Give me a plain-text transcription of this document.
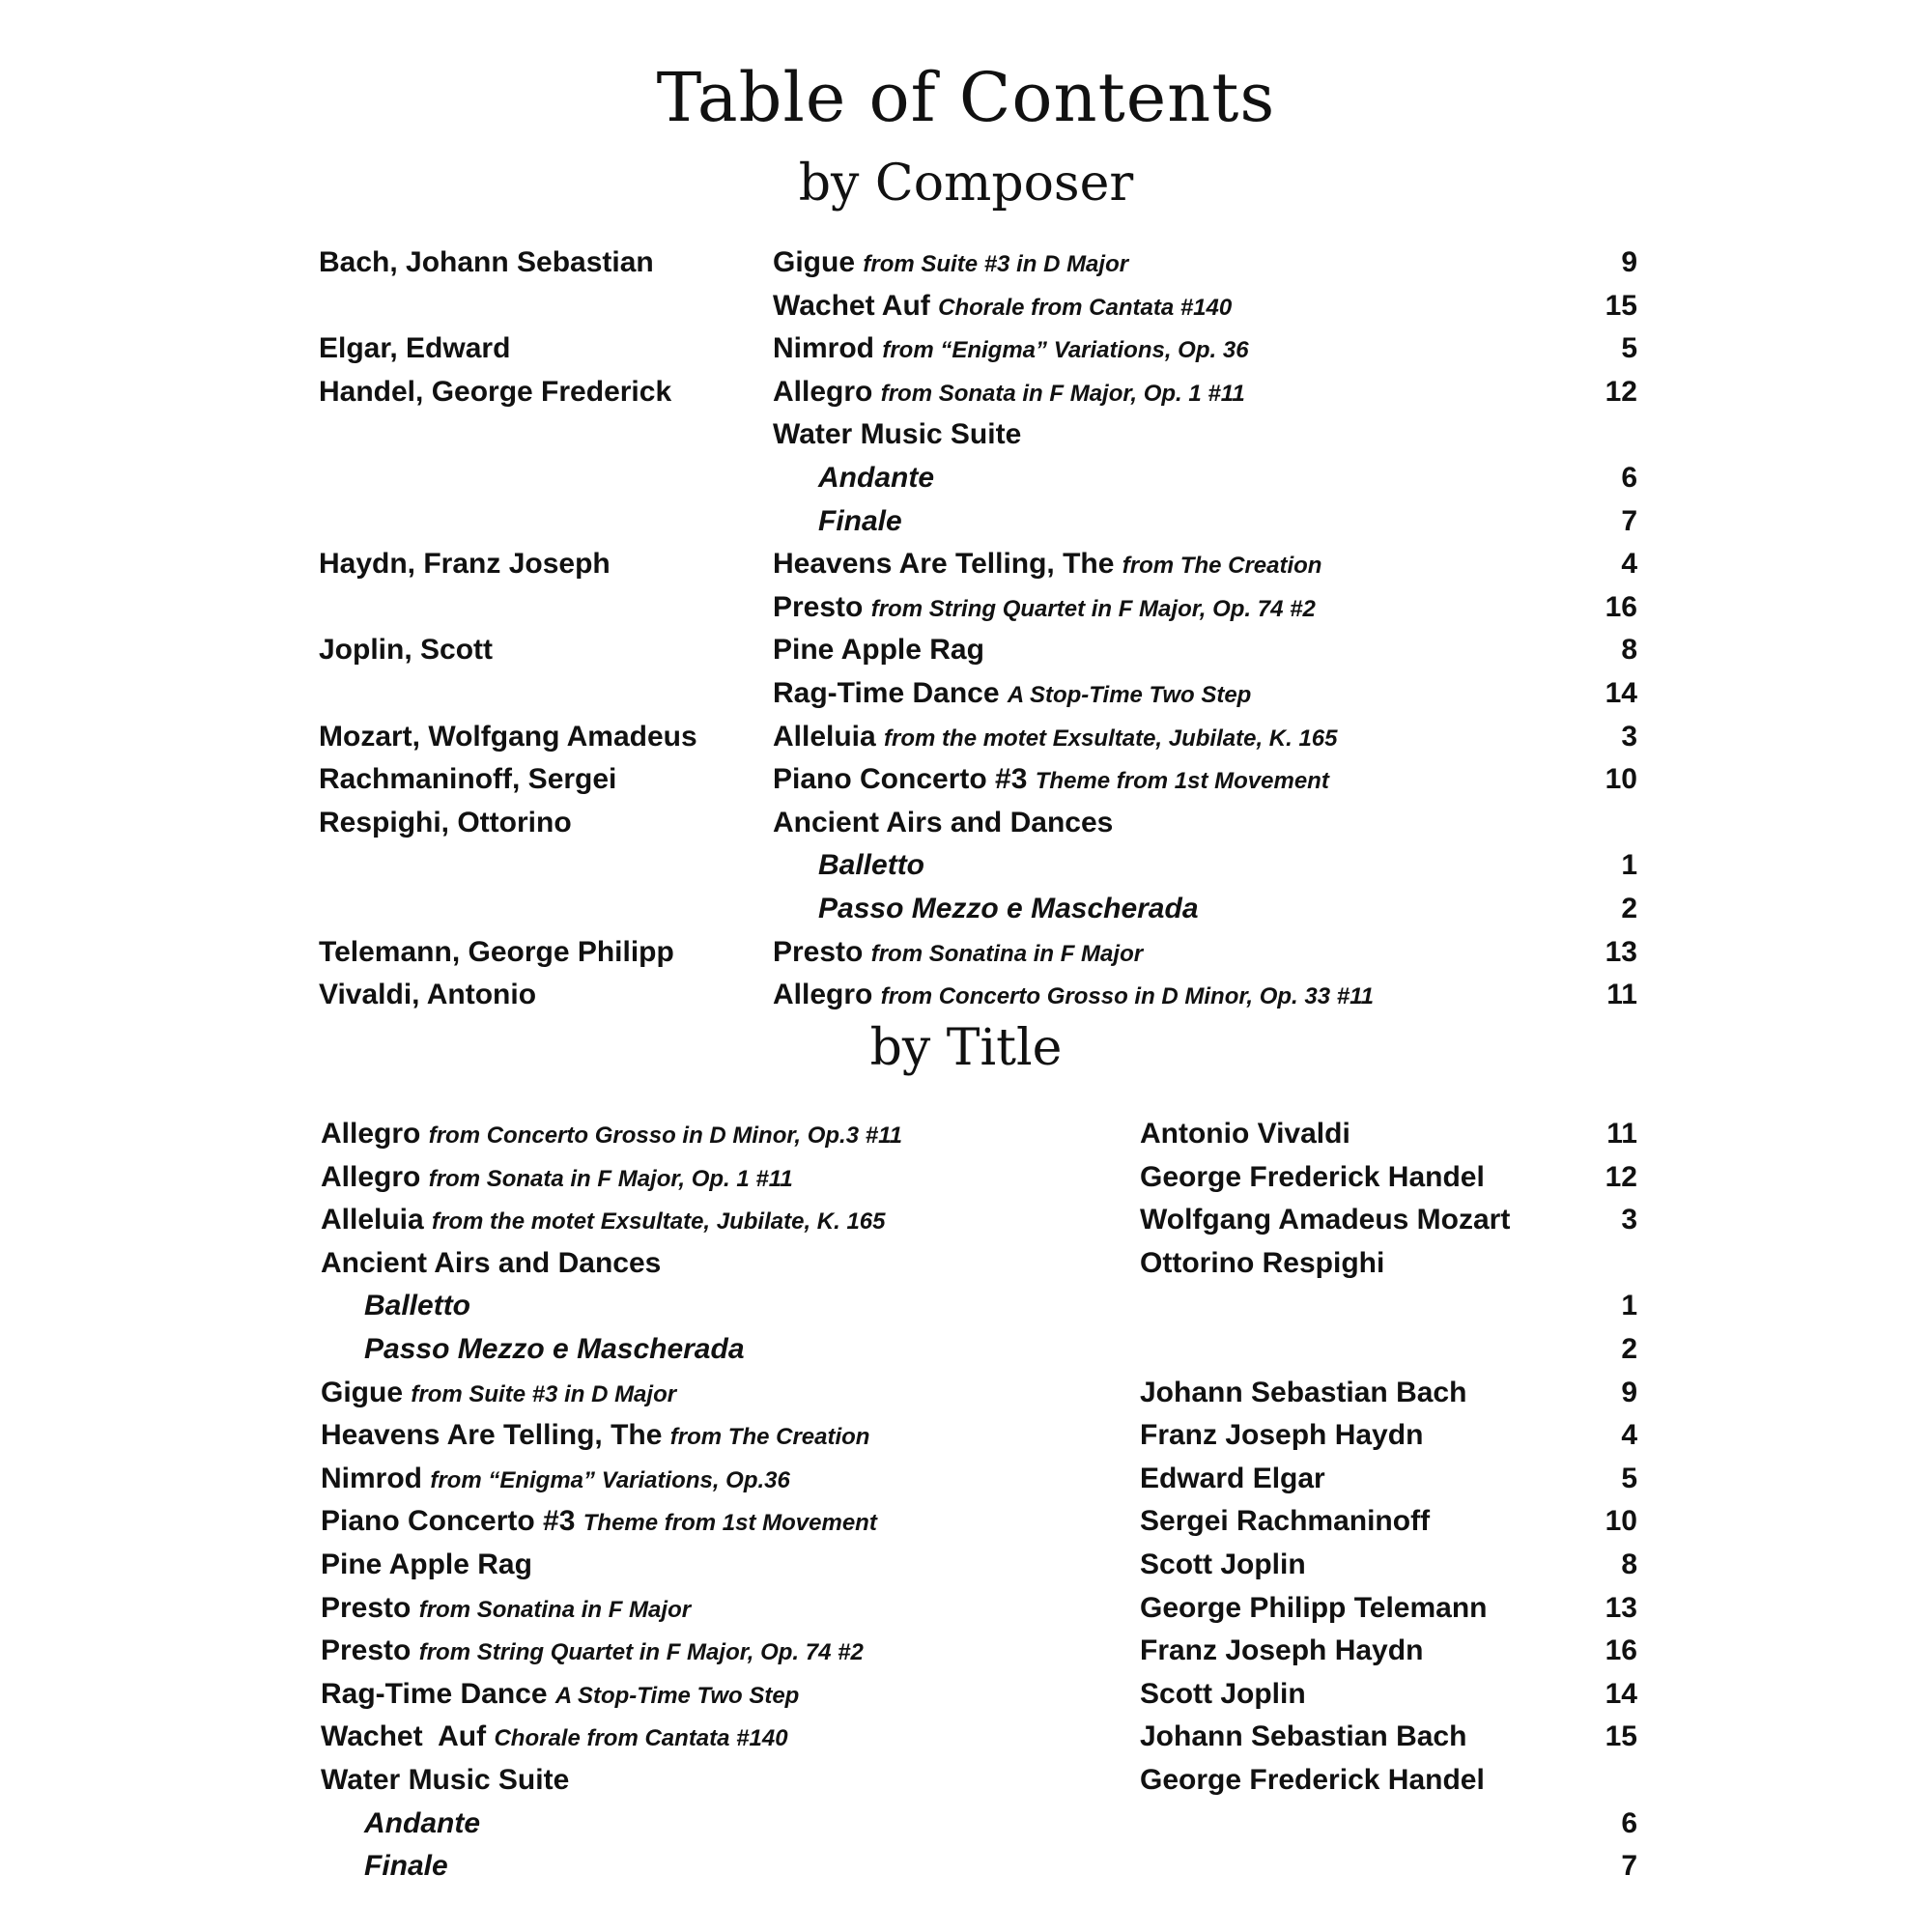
Table of Contents
by Composer
Bach, Johann Sebastian	Gigue from Suite #3 in D Major	9
Wachet Auf Chorale from Cantata #140	15
Elgar, Edward	Nimrod from “Enigma” Variations, Op. 36	5
Handel, George Frederick	Allegro from Sonata in F Major, Op. 1 #11	12
Water Music Suite
Andante	6
Finale	7
Haydn, Franz Joseph	Heavens Are Telling, The from The Creation	4
Presto from String Quartet in F Major, Op. 74 #2	16
Joplin, Scott	Pine Apple Rag	8
Rag-Time Dance A Stop-Time Two Step	14
Mozart, Wolfgang Amadeus	Alleluia from the motet Exsultate, Jubilate, K. 165	3
Rachmaninoff, Sergei	Piano Concerto #3 Theme from 1st Movement	10
Respighi, Ottorino	Ancient Airs and Dances
Balletto	1
Passo Mezzo e Mascherada	2
Telemann, George Philipp	Presto from Sonatina in F Major	13
Vivaldi, Antonio	Allegro from Concerto Grosso in D Minor, Op. 33 #11	11
by Title
Allegro from Concerto Grosso in D Minor, Op.3 #11	Antonio Vivaldi	11
Allegro from Sonata in F Major, Op. 1 #11	George Frederick Handel	12
Alleluia from the motet Exsultate, Jubilate, K. 165	Wolfgang Amadeus Mozart	3
Ancient Airs and Dances	Ottorino Respighi
Balletto	1
Passo Mezzo e Mascherada	2
Gigue from Suite #3 in D Major	Johann Sebastian Bach	9
Heavens Are Telling, The from The Creation	Franz Joseph Haydn	4
Nimrod from “Enigma” Variations, Op.36	Edward Elgar	5
Piano Concerto #3 Theme from 1st Movement	Sergei Rachmaninoff	10
Pine Apple Rag	Scott Joplin	8
Presto from Sonatina in F Major	George Philipp Telemann	13
Presto from String Quartet in F Major, Op. 74 #2	Franz Joseph Haydn	16
Rag-Time Dance A Stop-Time Two Step	Scott Joplin	14
Wachet  Auf Chorale from Cantata #140	Johann Sebastian Bach	15
Water Music Suite	George Frederick Handel
Andante	6
Finale	7
